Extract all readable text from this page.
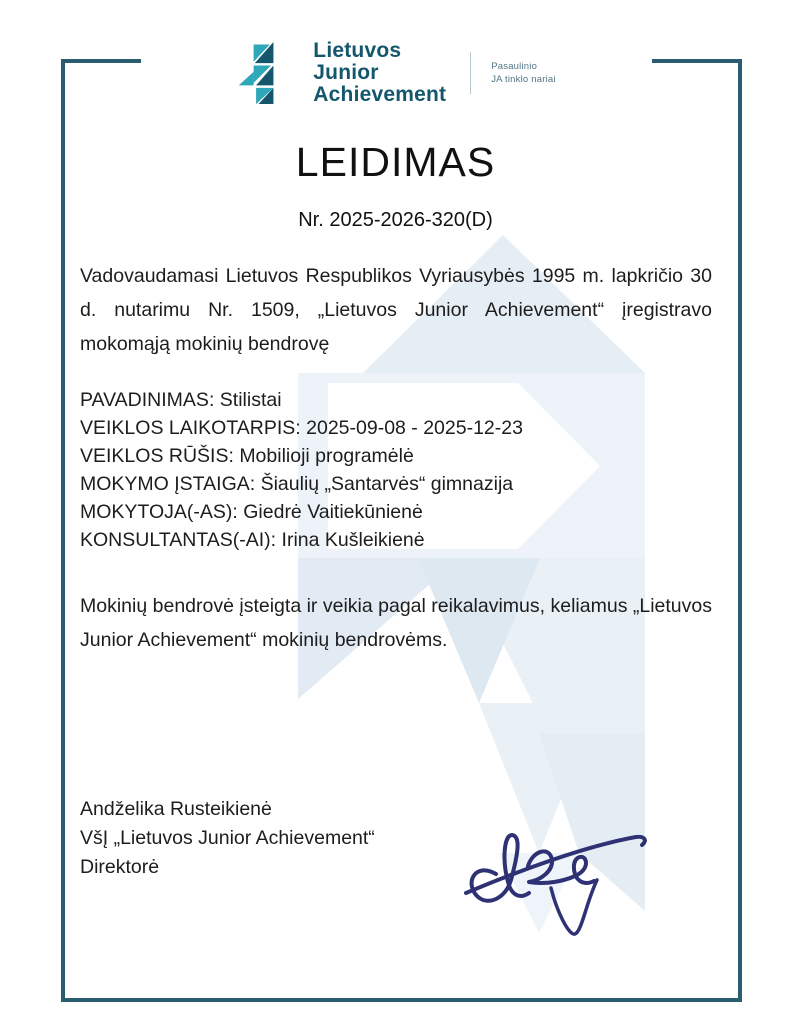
Lietuvos
Junior
Achievement
Pasaulinio
JA tinklo nariai
LEIDIMAS
Nr. 2025-2026-320(D)
Vadovaudamasi Lietuvos Respublikos Vyriausybės 1995 m. lapkričio 30 d. nutarimu Nr. 1509, „Lietuvos Junior Achievement“ įregistravo mokomąją mokinių bendrovę
PAVADINIMAS: Stilistai
VEIKLOS LAIKOTARPIS: 2025-09-08 - 2025-12-23
VEIKLOS RŪŠIS: Mobilioji programėlė
MOKYMO ĮSTAIGA: Šiaulių „Santarvės“ gimnazija
MOKYTOJA(-AS): Giedrė Vaitiekūnienė
KONSULTANTAS(-AI): Irina Kušleikienė
Mokinių bendrovė įsteigta ir veikia pagal reikalavimus, keliamus „Lietuvos Junior Achievement“ mokinių bendrovėms.
Andželika Rusteikienė
VšĮ „Lietuvos Junior Achievement“
Direktorė
